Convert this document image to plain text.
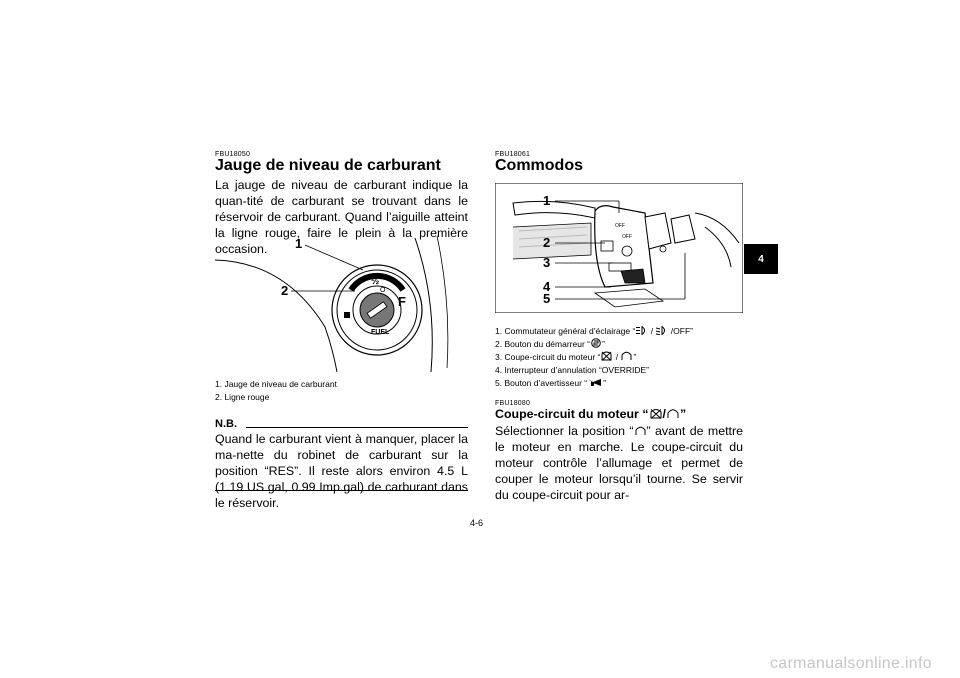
FBU18050
Jauge de niveau de carburant
La jauge de niveau de carburant indique la quan-tité de carburant se trouvant dans le réservoir de carburant. Quand l’aiguille atteint la ligne rouge, faire le plein à la première occasion.
O
½
F
FUEL
1
2
1. Jauge de niveau de carburant
2. Ligne rouge
N.B.
Quand le carburant vient à manquer, placer la ma-nette du robinet de carburant sur la position “RES”. Il reste alors environ 4.5 L (1.19 US gal, 0.99 Imp.gal) de carburant dans le réservoir.
FBU18061
Commodos
OFF
OFF
1
2
3
4
5
1. Commutateur général d’éclairage “ /  /OFF”
2. Bouton du démarreur “ ”
3. Coupe-circuit du moteur “ / ”
4. Interrupteur d’annulation “OVERRIDE”
5. Bouton d’avertisseur “ ”
FBU18080
Coupe-circuit du moteur “ / ”
Sélectionner la position “ ” avant de mettre le moteur en marche. Le coupe-circuit du moteur contrôle l’allumage et permet de couper le moteur lorsqu’il tourne. Se servir du coupe-circuit pour ar-
4
4-6
carmanualsonline.info
